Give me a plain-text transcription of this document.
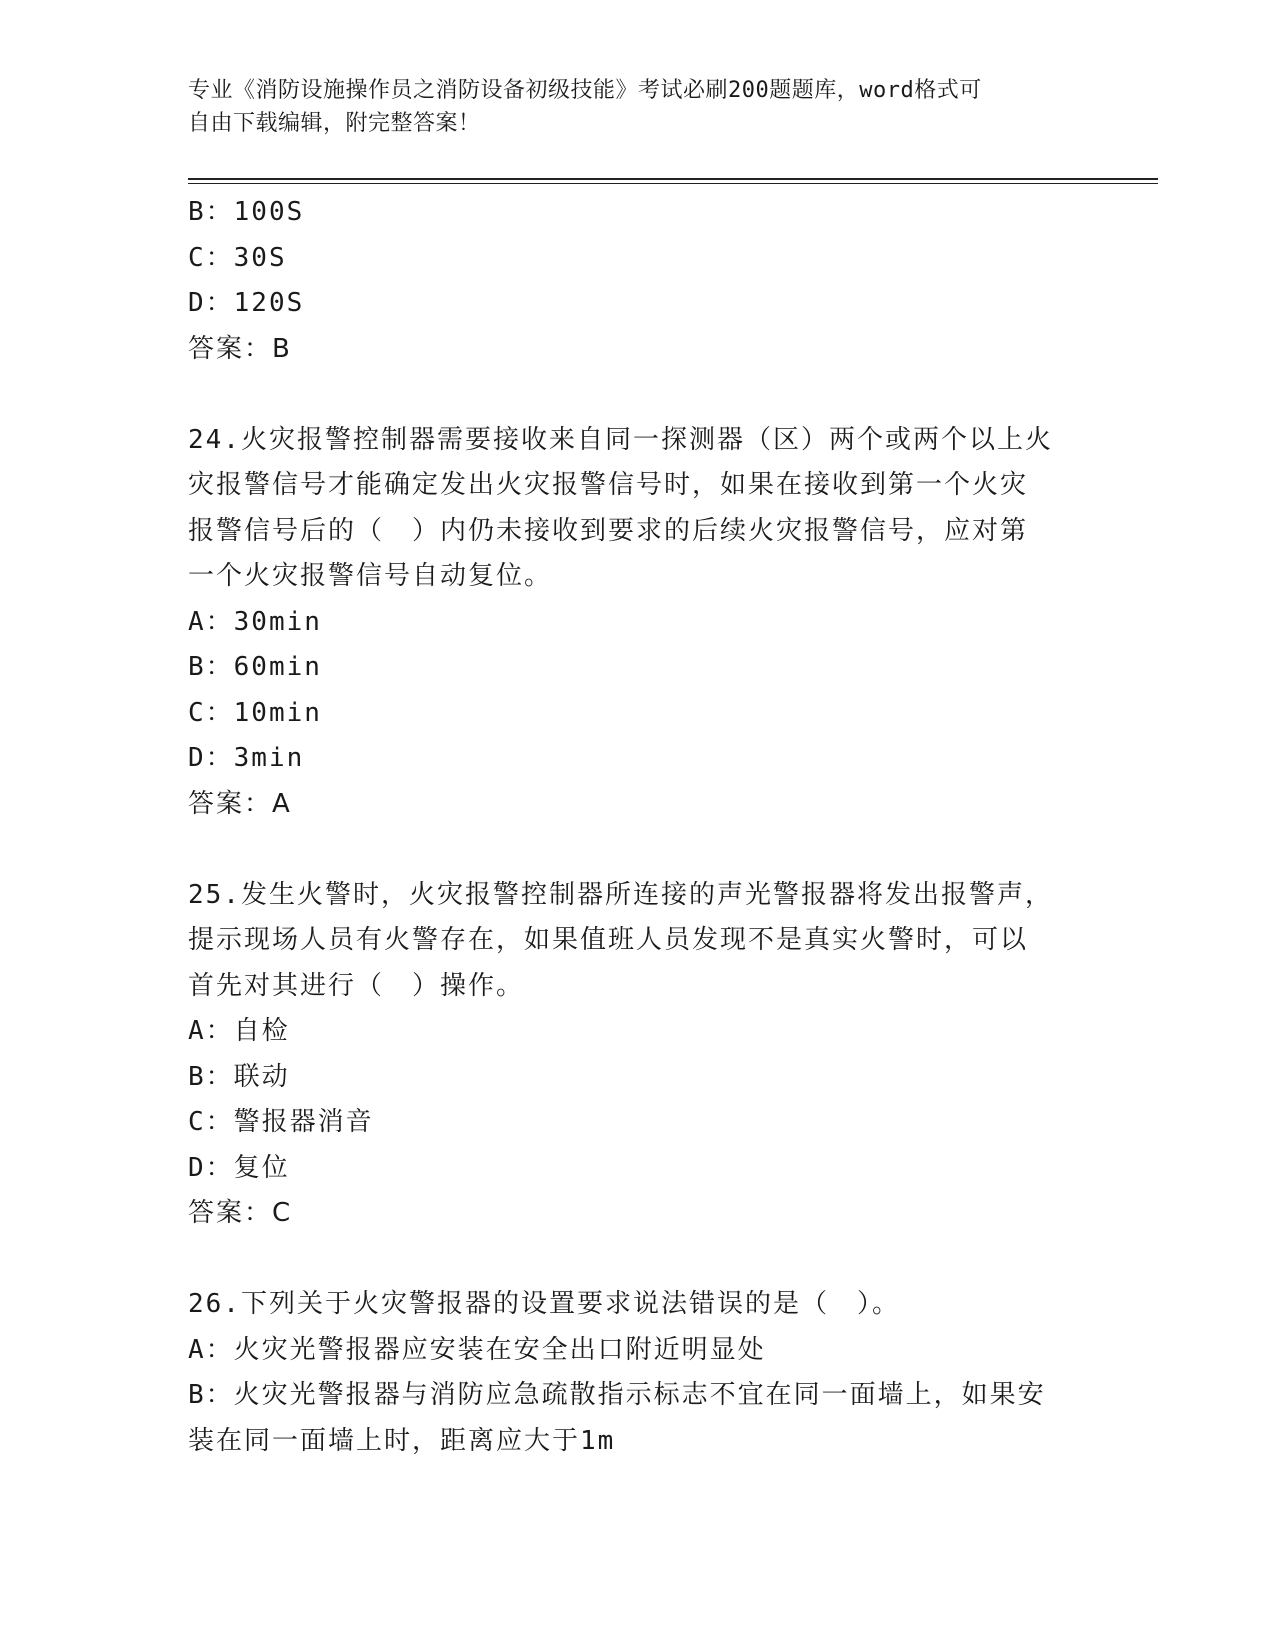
专业《消防设施操作员之消防设备初级技能》考试必刷200题题库，word格式可
自由下载编辑，附完整答案！
B：100S
C：30S
D：120S
答案：B
24.火灾报警控制器需要接收来自同一探测器（区）两个或两个以上火
灾报警信号才能确定发出火灾报警信号时，如果在接收到第一个火灾
报警信号后的（　）内仍未接收到要求的后续火灾报警信号，应对第
一个火灾报警信号自动复位。
A：30min
B：60min
C：10min
D：3min
答案：A
25.发生火警时，火灾报警控制器所连接的声光警报器将发出报警声，
提示现场人员有火警存在，如果值班人员发现不是真实火警时，可以
首先对其进行（　）操作。
A：自检
B：联动
C：警报器消音
D：复位
答案：C
26.下列关于火灾警报器的设置要求说法错误的是（　）。
A：火灾光警报器应安装在安全出口附近明显处
B：火灾光警报器与消防应急疏散指示标志不宜在同一面墙上，如果安
装在同一面墙上时，距离应大于1m
